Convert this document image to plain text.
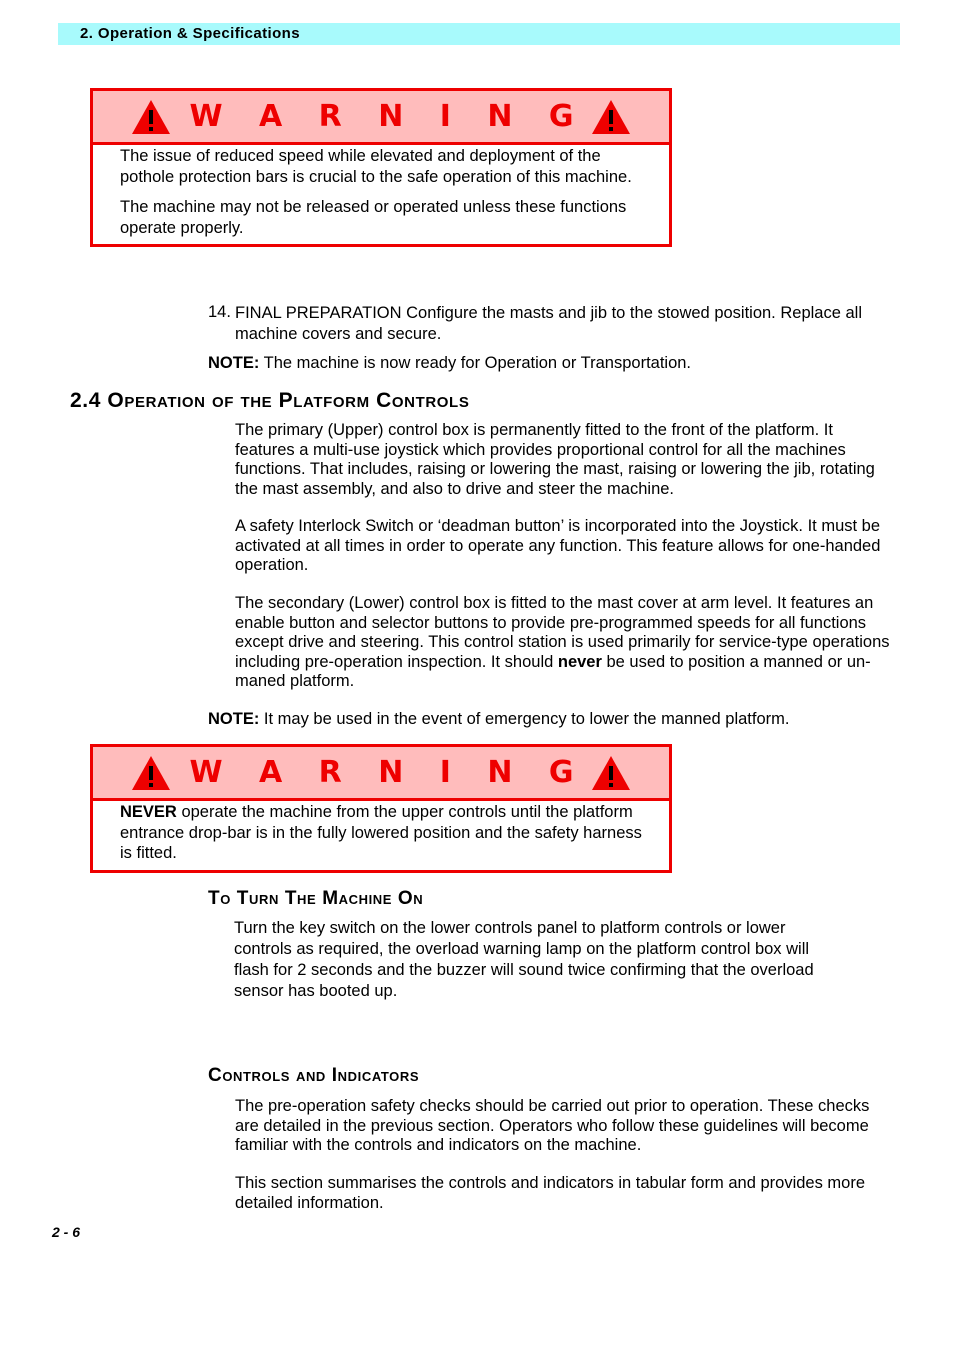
2. Operation & Specifications
W A R N I N G

The issue of reduced speed while elevated and deployment of the pothole protection bars is crucial to the safe operation of this machine.

The machine may not be released or operated unless these functions operate properly.

14. FINAL PREPARATION Configure the masts and jib to the stowed position. Replace all machine covers and secure.
NOTE: The machine is now ready for Operation or Transportation.
2.4 Operation of the Platform Controls
The primary (Upper) control box is permanently fitted to the front of the platform. It features a multi-use joystick which provides proportional control for all the machines functions. That includes, raising or lowering the mast, raising or lowering the jib, rotating the mast assembly, and also to drive and steer the machine.
A safety Interlock Switch or ‘deadman button’ is incorporated into the Joystick. It must be activated at all times in order to operate any function. This feature allows for one-handed operation.
The secondary (Lower) control box is fitted to the mast cover at arm level. It features an enable button and selector buttons to provide pre-programmed speeds for all functions except drive and steering. This control station is used primarily for service-type operations including pre-operation inspection. It should never be used to position a manned or un-maned platform.
NOTE: It may be used in the event of emergency to lower the manned platform.
W A R N I N G

NEVER operate the machine from the upper controls until the platform entrance drop-bar is in the fully lowered position and the safety harness is fitted.

To Turn The Machine On
Turn the key switch on the lower controls panel to platform controls or lower controls as required, the overload warning lamp on the platform control box will flash for 2 seconds and the buzzer will sound twice confirming that the overload sensor has booted up.
Controls and Indicators
The pre-operation safety checks should be carried out prior to operation. These checks are detailed in the previous section. Operators who follow these guidelines will become familiar with the controls and indicators on the machine.
This section summarises the controls and indicators in tabular form and provides more detailed information.
2 - 6
